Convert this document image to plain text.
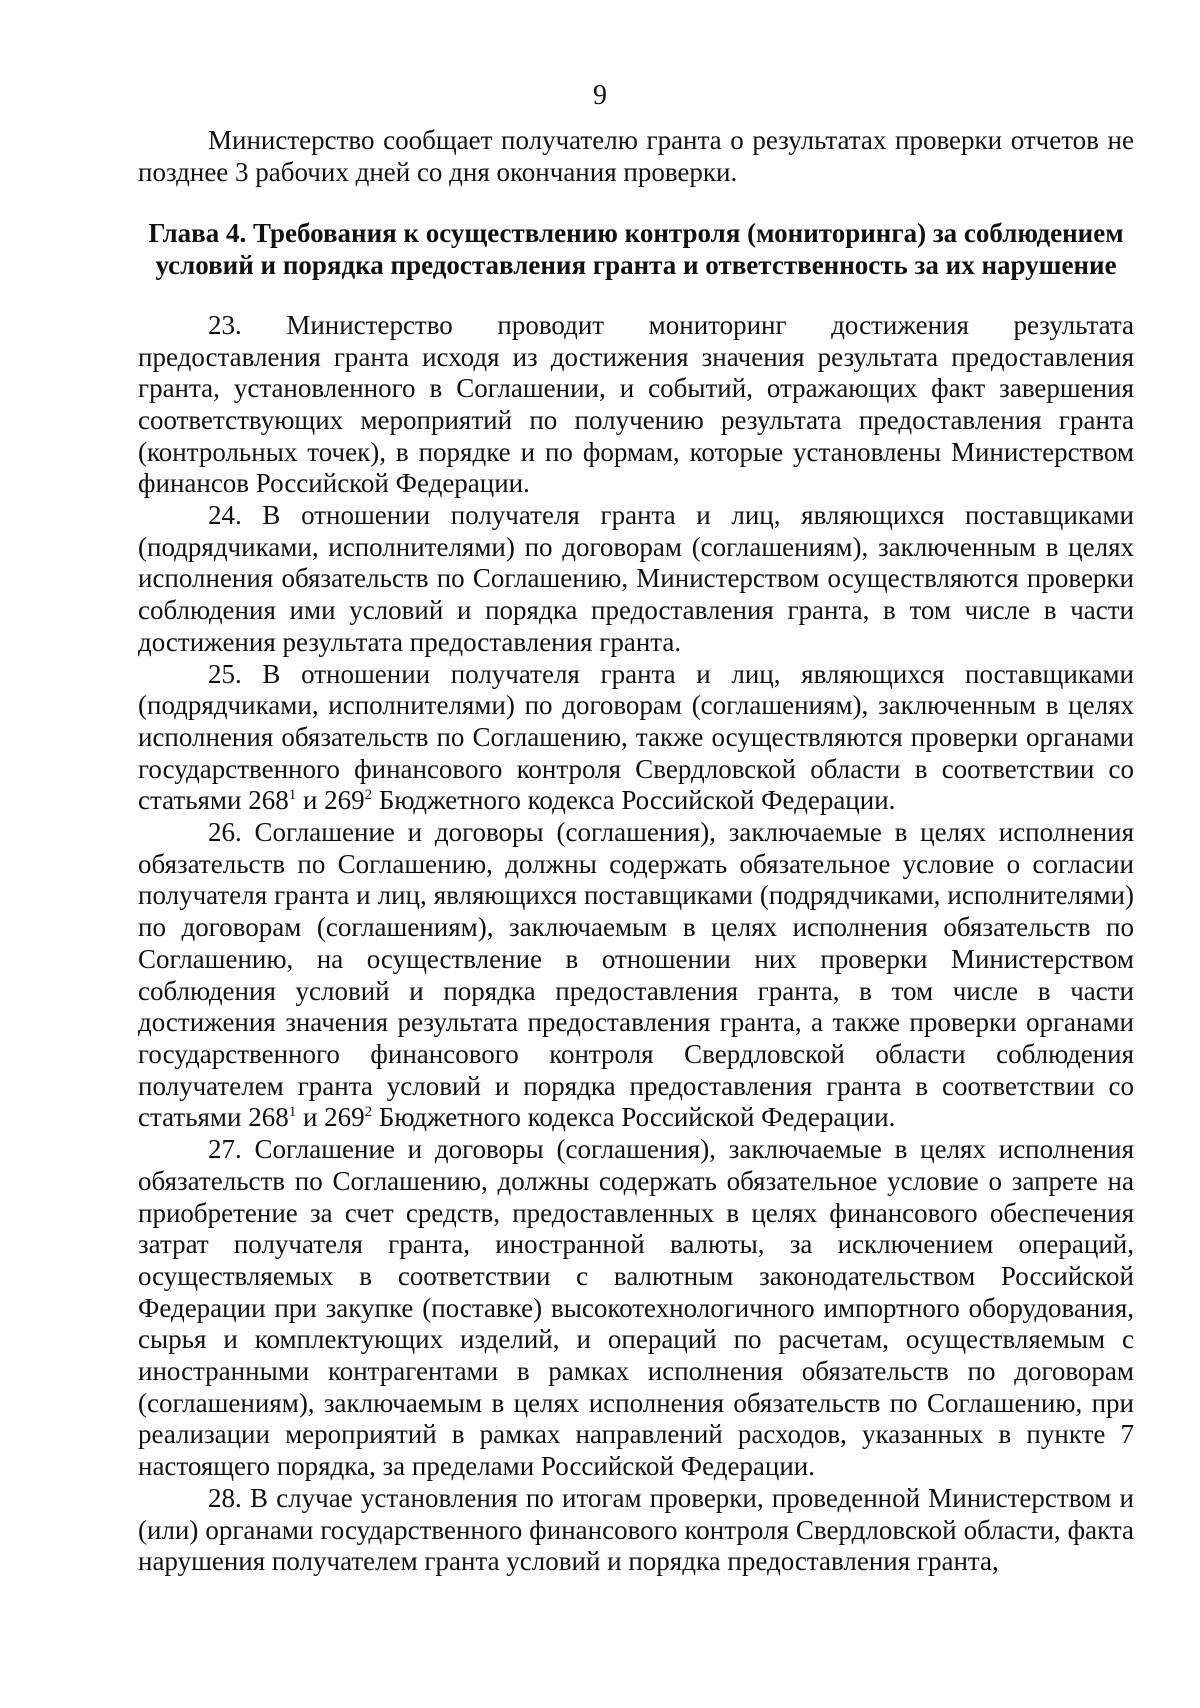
9

Министерство сообщает получателю гранта о результатах проверки отчетов не позднее 3 рабочих дней со дня окончания проверки.

Глава 4. Требования к осуществлению контроля (мониторинга) за соблюдением
условий и порядка предоставления гранта и ответственность за их нарушение

23. Министерство проводит мониторинг достижения результата предоставления гранта исходя из достижения значения результата предоставления гранта, установленного в Соглашении, и событий, отражающих факт завершения соответствующих мероприятий по получению результата предоставления гранта (контрольных точек), в порядке и по формам, которые установлены Министерством финансов Российской Федерации.

24. В отношении получателя гранта и лиц, являющихся поставщиками (подрядчиками, исполнителями) по договорам (соглашениям), заключенным в целях исполнения обязательств по Соглашению, Министерством осуществляются проверки соблюдения ими условий и порядка предоставления гранта, в том числе в части достижения результата предоставления гранта.

25. В отношении получателя гранта и лиц, являющихся поставщиками (подрядчиками, исполнителями) по договорам (соглашениям), заключенным в целях исполнения обязательств по Соглашению, также осуществляются проверки органами государственного финансового контроля Свердловской области в соответствии со статьями $268^1$ и $269^2$ Бюджетного кодекса Российской Федерации.

26. Соглашение и договоры (соглашения), заключаемые в целях исполнения обязательств по Соглашению, должны содержать обязательное условие о согласии получателя гранта и лиц, являющихся поставщиками (подрядчиками, исполнителями) по договорам (соглашениям), заключаемым в целях исполнения обязательств по Соглашению, на осуществление в отношении них проверки Министерством соблюдения условий и порядка предоставления гранта, в том числе в части достижения значения результата предоставления гранта, а также проверки органами государственного финансового контроля Свердловской области соблюдения получателем гранта условий и порядка предоставления гранта в соответствии со статьями $268^1$ и $269^2$ Бюджетного кодекса Российской Федерации.

27. Соглашение и договоры (соглашения), заключаемые в целях исполнения обязательств по Соглашению, должны содержать обязательное условие о запрете на приобретение за счет средств, предоставленных в целях финансового обеспечения затрат получателя гранта, иностранной валюты, за исключением операций, осуществляемых в соответствии с валютным законодательством Российской Федерации при закупке (поставке) высокотехнологичного импортного оборудования, сырья и комплектующих изделий, и операций по расчетам, осуществляемым с иностранными контрагентами в рамках исполнения обязательств по договорам (соглашениям), заключаемым в целях исполнения обязательств по Соглашению, при реализации мероприятий в рамках направлений расходов, указанных в пункте 7 настоящего порядка, за пределами Российской Федерации.

28. В случае установления по итогам проверки, проведенной Министерством и (или) органами государственного финансового контроля Свердловской области, факта нарушения получателем гранта условий и порядка предоставления гранта,
